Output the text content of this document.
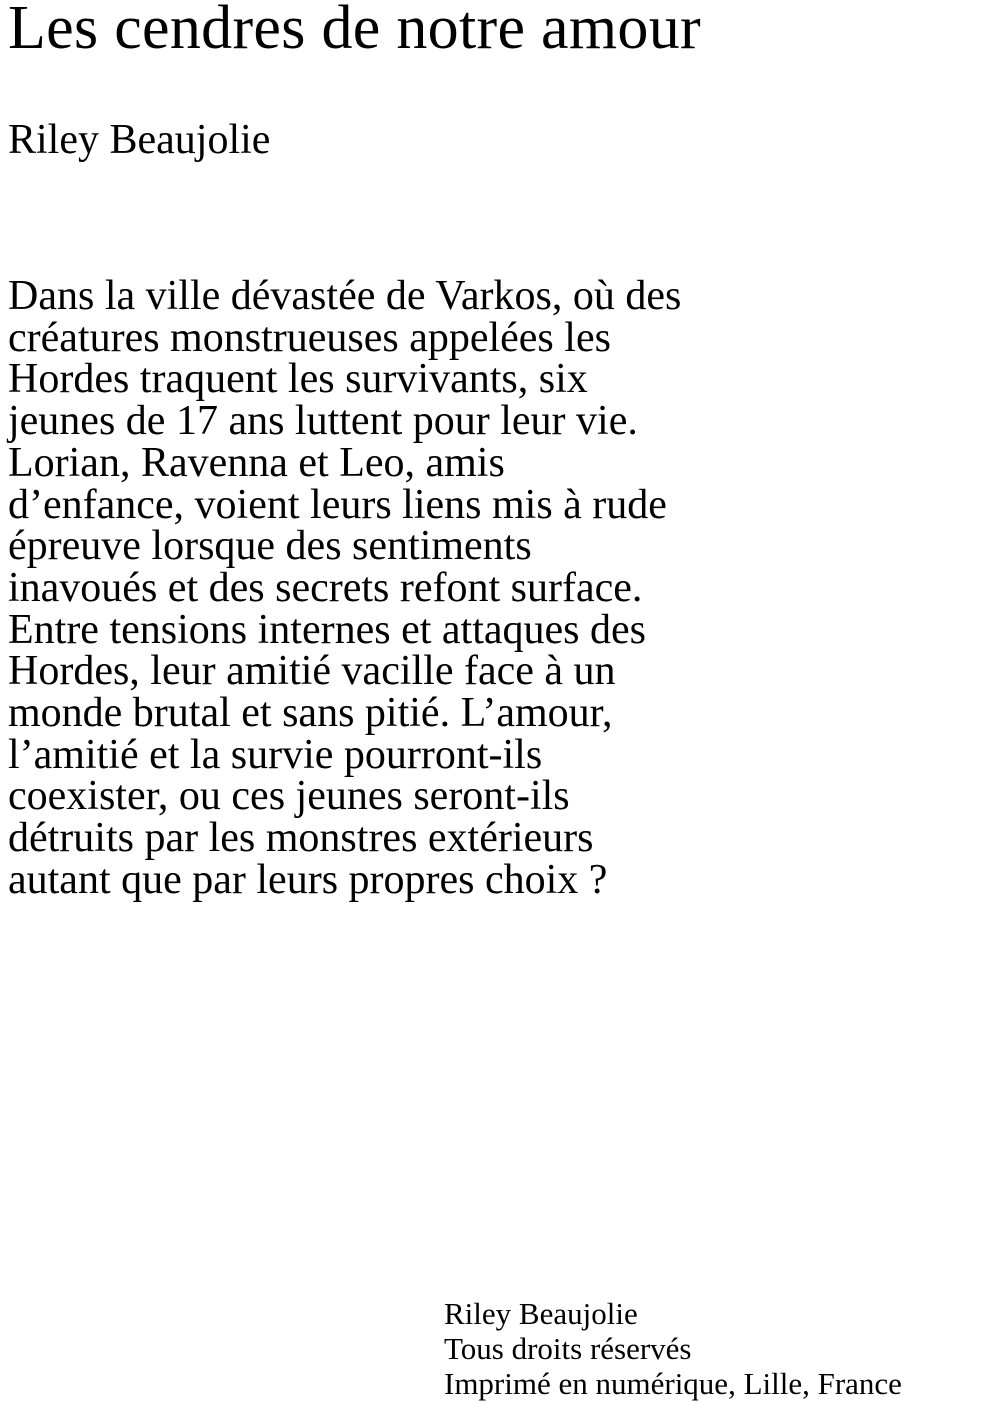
Les cendres de notre amour
Riley Beaujolie
Dans la ville dévastée de Varkos, où des
créatures monstrueuses appelées les
Hordes traquent les survivants, six
jeunes de 17 ans luttent pour leur vie.
Lorian, Ravenna et Leo, amis
d’enfance, voient leurs liens mis à rude
épreuve lorsque des sentiments
inavoués et des secrets refont surface.
Entre tensions internes et attaques des
Hordes, leur amitié vacille face à un
monde brutal et sans pitié. L’amour,
l’amitié et la survie pourront-ils
coexister, ou ces jeunes seront-ils
détruits par les monstres extérieurs
autant que par leurs propres choix ?
Riley Beaujolie
Tous droits réservés
Imprimé en numérique, Lille, France
